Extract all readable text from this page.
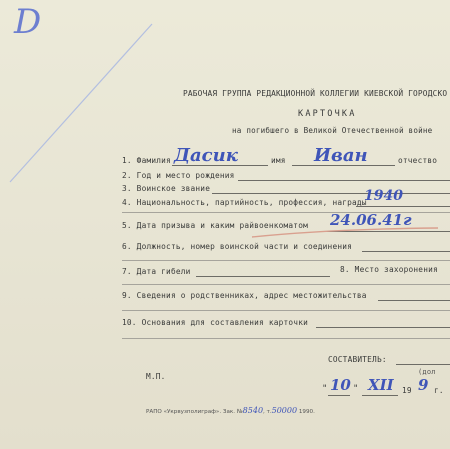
D
РАБОЧАЯ ГРУППА РЕДАКЦИОННОЙ КОЛЛЕГИИ КИЕВСКОЙ ГОРОДСКО
КАРТОЧКА
на погибшего в Великой Отечественной войне
1. Фамилия Дасик	имя Иван	отчество
2. Год и место рождения
3. Воинское звание
4. Национальность, партийность, профессия, награды
1940
5. Дата призыва и каким райвоенкоматом 24.06.41г
6. Должность, номер воинской части и соединения
7. Дата гибели	8. Место захоронения
9. Сведения о родственниках, адрес местожительства
10. Основания для составления карточки
СОСТАВИТЕЛЬ:
(дол
М.П.
" 10 " XII 19 9 г.
РАПО «Укрвузполиграф». Зак. №8540, т.50000 1990.
